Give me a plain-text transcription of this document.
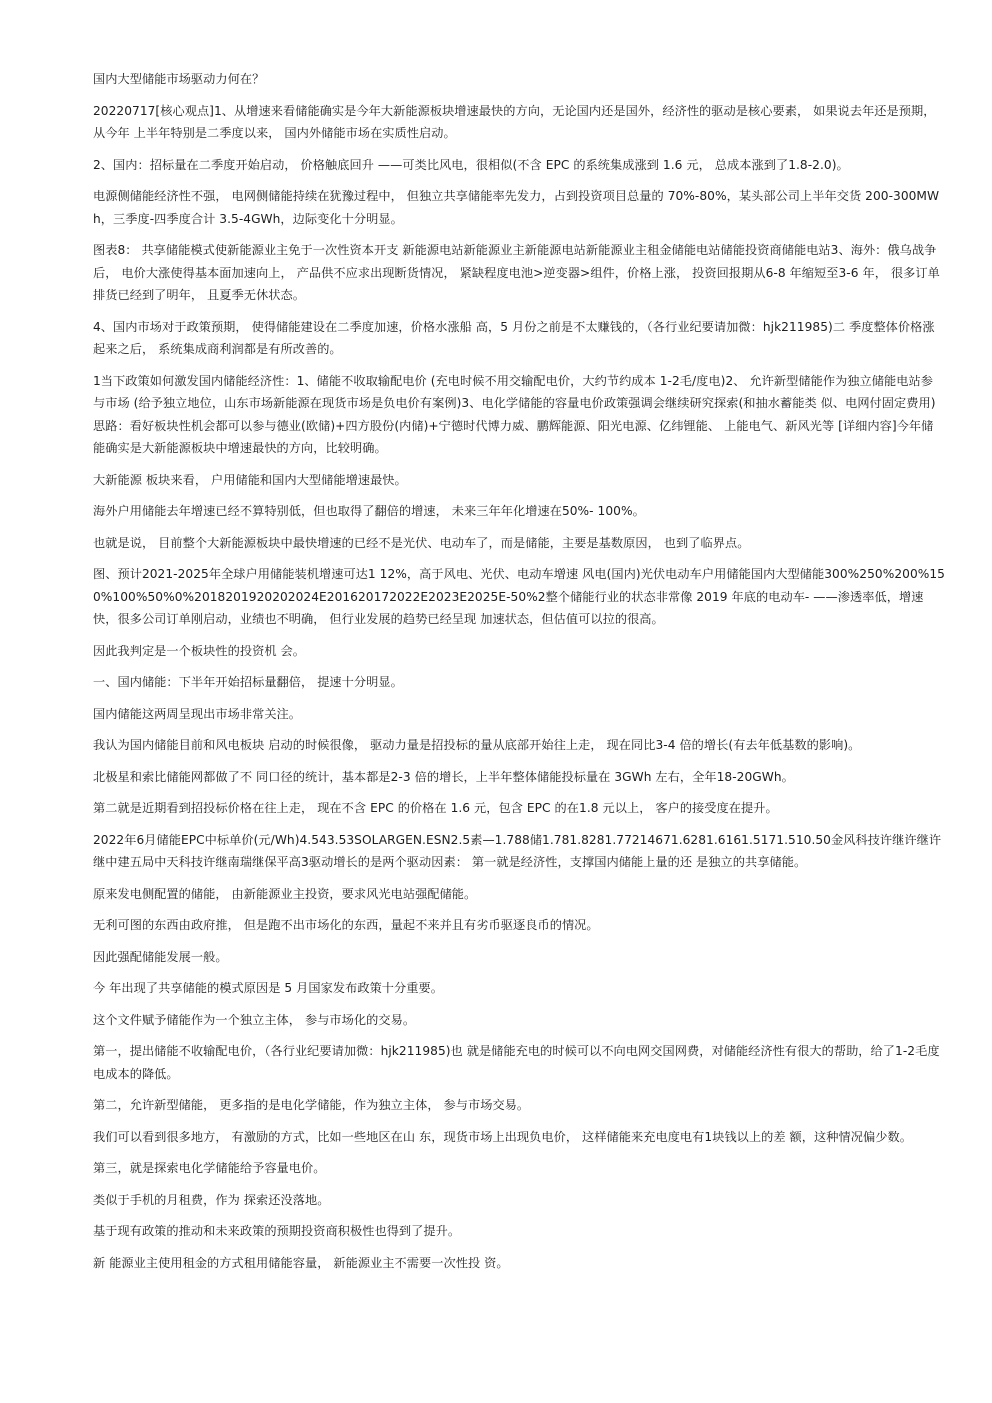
国内大型储能市场驱动力何在？

20220717[核心观点]1、从增速来看储能确实是今年大新能源板块增速最快的方向，无论国内还是国外，经济性的驱动是核心要素， 如果说去年还是预期，从今年 上半年特别是二季度以来， 国内外储能市场在实质性启动。

2、国内：招标量在二季度开始启动， 价格触底回升 ——可类比风电，很相似(不含 EPC 的系统集成涨到 1.6 元， 总成本涨到了1.8-2.0)。

电源侧储能经济性不强， 电网侧储能持续在犹豫过程中， 但独立共享储能率先发力，占到投资项目总量的 70%-80%，某头部公司上半年交货 200-300MWh，三季度-四季度合计 3.5-4GWh，边际变化十分明显。

图表8： 共享储能模式使新能源业主免于一次性资本开支 新能源电站新能源业主新能源电站新能源业主租金储能电站储能投资商储能电站3、海外：俄乌战争后， 电价大涨使得基本面加速向上， 产品供不应求出现断货情况， 紧缺程度电池>逆变器>组件，价格上涨， 投资回报期从6-8 年缩短至3-6 年， 很多订单排货已经到了明年， 且夏季无休状态。

4、国内市场对于政策预期， 使得储能建设在二季度加速，价格水涨船 高，5 月份之前是不太赚钱的，（各行业纪要请加微：hjk211985)二 季度整体价格涨起来之后， 系统集成商利润都是有所改善的。

1当下政策如何激发国内储能经济性：1、储能不收取输配电价 (充电时候不用交输配电价，大约节约成本 1-2毛/度电)2、 允许新型储能作为独立储能电站参与市场 (给予独立地位，山东市场新能源在现货市场是负电价有案例)3、电化学储能的容量电价政策强调会继续研究探索(和抽水蓄能类 似、电网付固定费用)思路：看好板块性机会都可以参与德业(欧储)+四方股份(内储)+宁德时代博力威、鹏辉能源、阳光电源、亿纬锂能、 上能电气、新风光等 [详细内容]今年储能确实是大新能源板块中增速最快的方向，比较明确。

大新能源 板块来看， 户用储能和国内大型储能增速最快。

海外户用储能去年增速已经不算特别低，但也取得了翻倍的增速， 未来三年年化增速在50%- 100%。

也就是说， 目前整个大新能源板块中最快增速的已经不是光伏、电动车了，而是储能，主要是基数原因， 也到了临界点。

图、预计2021-2025年全球户用储能装机增速可达1 12%，高于风电、光伏、电动车增速 风电(国内)光伏电动车户用储能国内大型储能300%250%200%150%100%50%0%2018201920202024E201620172022E2023E2025E-50%2整个储能行业的状态非常像 2019 年底的电动车- ——渗透率低，增速快，很多公司订单刚启动，业绩也不明确， 但行业发展的趋势已经呈现 加速状态，但估值可以拉的很高。

因此我判定是一个板块性的投资机 会。

一、国内储能：下半年开始招标量翻倍， 提速十分明显。

国内储能这两周呈现出市场非常关注。

我认为国内储能目前和风电板块 启动的时候很像， 驱动力量是招投标的量从底部开始往上走， 现在同比3-4 倍的增长(有去年低基数的影响)。

北极星和索比储能网都做了不 同口径的统计，基本都是2-3 倍的增长，上半年整体储能投标量在 3GWh 左右，全年18-20GWh。

第二就是近期看到招投标价格在往上走， 现在不含 EPC 的价格在 1.6 元，包含 EPC 的在1.8 元以上， 客户的接受度在提升。

2022年6月储能EPC中标单价(元/Wh)4.543.53SOLARGEN.ESN2.5素—1.788储1.781.8281.77214671.6281.6161.5171.510.50金风科技许继许继许继中建五局中天科技许继南瑞继保平高3驱动增长的是两个驱动因素： 第一就是经济性，支撑国内储能上量的还 是独立的共享储能。

原来发电侧配置的储能， 由新能源业主投资，要求风光电站强配储能。

无利可图的东西由政府推， 但是跑不出市场化的东西，量起不来并且有劣币驱逐良币的情况。

因此强配储能发展一般。

今 年出现了共享储能的模式原因是 5 月国家发布政策十分重要。

这个文件赋予储能作为一个独立主体， 参与市场化的交易。

第一，提出储能不收输配电价，（各行业纪要请加微：hjk211985)也 就是储能充电的时候可以不向电网交国网费，对储能经济性有很大的帮助，给了1-2毛度电成本的降低。

第二，允许新型储能， 更多指的是电化学储能，作为独立主体， 参与市场交易。

我们可以看到很多地方， 有激励的方式，比如一些地区在山 东，现货市场上出现负电价， 这样储能来充电度电有1块钱以上的差 额，这种情况偏少数。

第三，就是探索电化学储能给予容量电价。

类似于手机的月租费，作为 探索还没落地。

基于现有政策的推动和未来政策的预期投资商积极性也得到了提升。

新 能源业主使用租金的方式租用储能容量， 新能源业主不需要一次性投 资。
